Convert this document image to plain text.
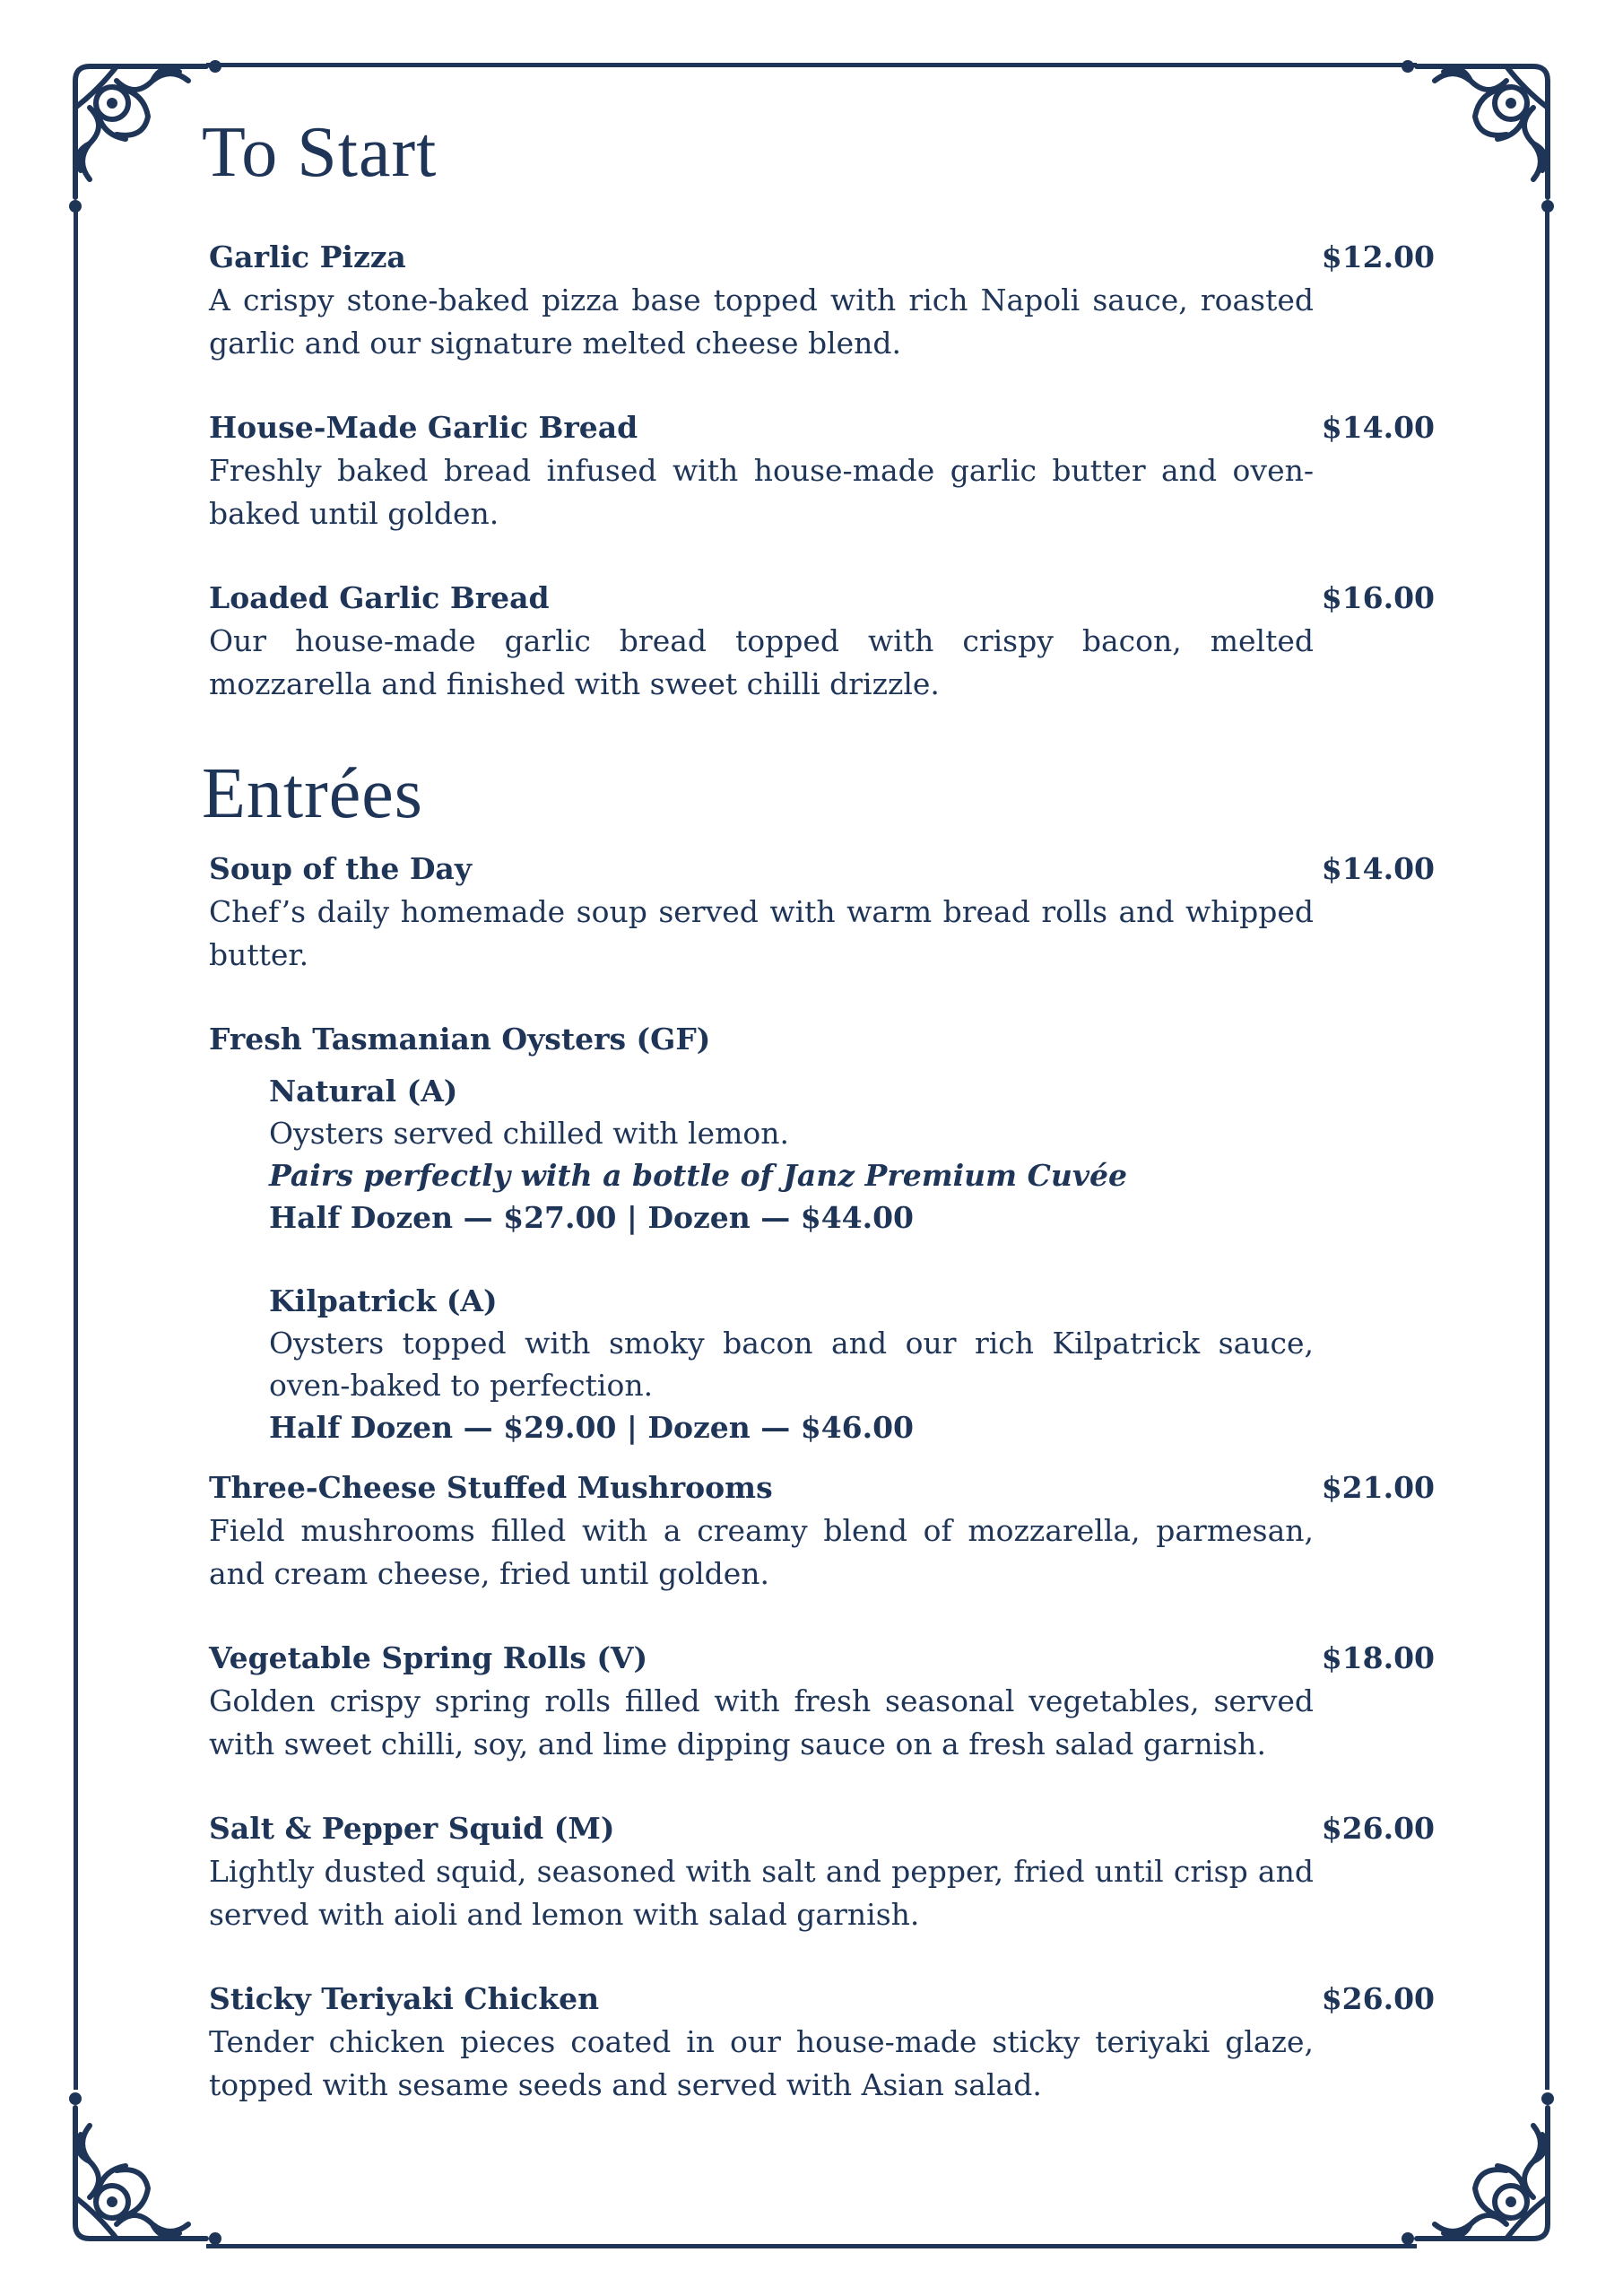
To Start
Garlic Pizza	$12.00
A crispy stone-baked pizza base topped with rich Napoli sauce, roasted garlic and our signature melted cheese blend.
House-Made Garlic Bread	$14.00
Freshly baked bread infused with house-made garlic butter and oven-baked until golden.
Loaded Garlic Bread	$16.00
Our house-made garlic bread topped with crispy bacon, melted mozzarella and finished with sweet chilli drizzle.
Entrées
Soup of the Day	$14.00
Chef’s daily homemade soup served with warm bread rolls and whipped butter.
Fresh Tasmanian Oysters (GF)
Natural (A)
Oysters served chilled with lemon.
Pairs perfectly with a bottle of Janz Premium Cuvée
Half Dozen — $27.00 | Dozen — $44.00
Kilpatrick (A)
Oysters topped with smoky bacon and our rich Kilpatrick sauce, oven-baked to perfection.
Half Dozen — $29.00 | Dozen — $46.00
Three-Cheese Stuffed Mushrooms	$21.00
Field mushrooms filled with a creamy blend of mozzarella, parmesan, and cream cheese, fried until golden.
Vegetable Spring Rolls (V)	$18.00
Golden crispy spring rolls filled with fresh seasonal vegetables, served with sweet chilli, soy, and lime dipping sauce on a fresh salad garnish.
Salt & Pepper Squid (M)	$26.00
Lightly dusted squid, seasoned with salt and pepper, fried until crisp and served with aioli and lemon with salad garnish.
Sticky Teriyaki Chicken	$26.00
Tender chicken pieces coated in our house-made sticky teriyaki glaze, topped with sesame seeds and served with Asian salad.
